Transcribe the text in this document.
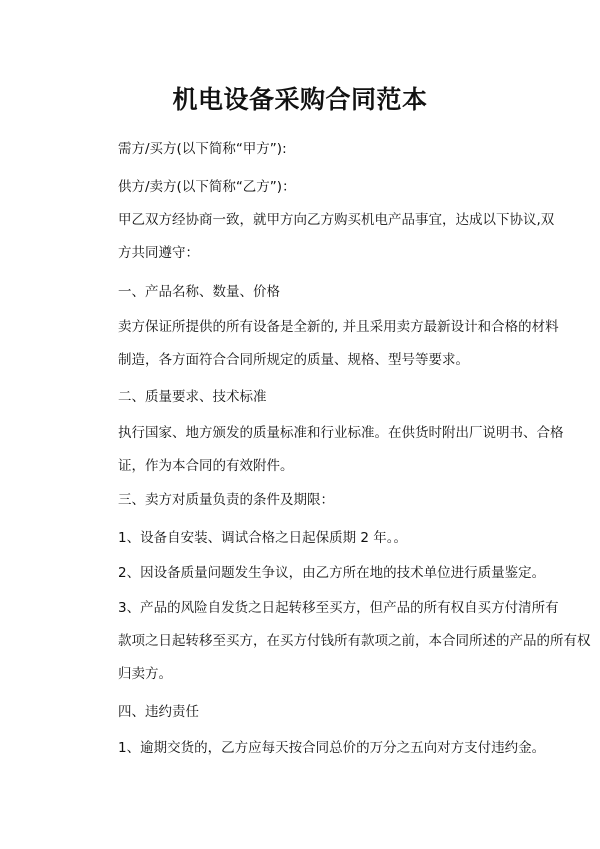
机电设备采购合同范本

需方/买方(以下简称“甲方”):

供方/卖方(以下简称“乙方”)：

甲乙双方经协商一致，就甲方向乙方购买机电产品事宜，达成以下协议,双

方共同遵守：

一、产品名称、数量、价格

卖方保证所提供的所有设备是全新的, 并且采用卖方最新设计和合格的材料

制造，各方面符合合同所规定的质量、规格、型号等要求。

二、质量要求、技术标准

执行国家、地方颁发的质量标准和行业标准。在供货时附出厂说明书、合格

证，作为本合同的有效附件。

三、卖方对质量负责的条件及期限：

1、设备自安装、调试合格之日起保质期 2 年。。

2、因设备质量问题发生争议，由乙方所在地的技术单位进行质量鉴定。

3、产品的风险自发货之日起转移至买方，但产品的所有权自买方付清所有

款项之日起转移至买方，在买方付钱所有款项之前，本合同所述的产品的所有权

归卖方。

四、违约责任

1、逾期交货的，乙方应每天按合同总价的万分之五向对方支付违约金。
